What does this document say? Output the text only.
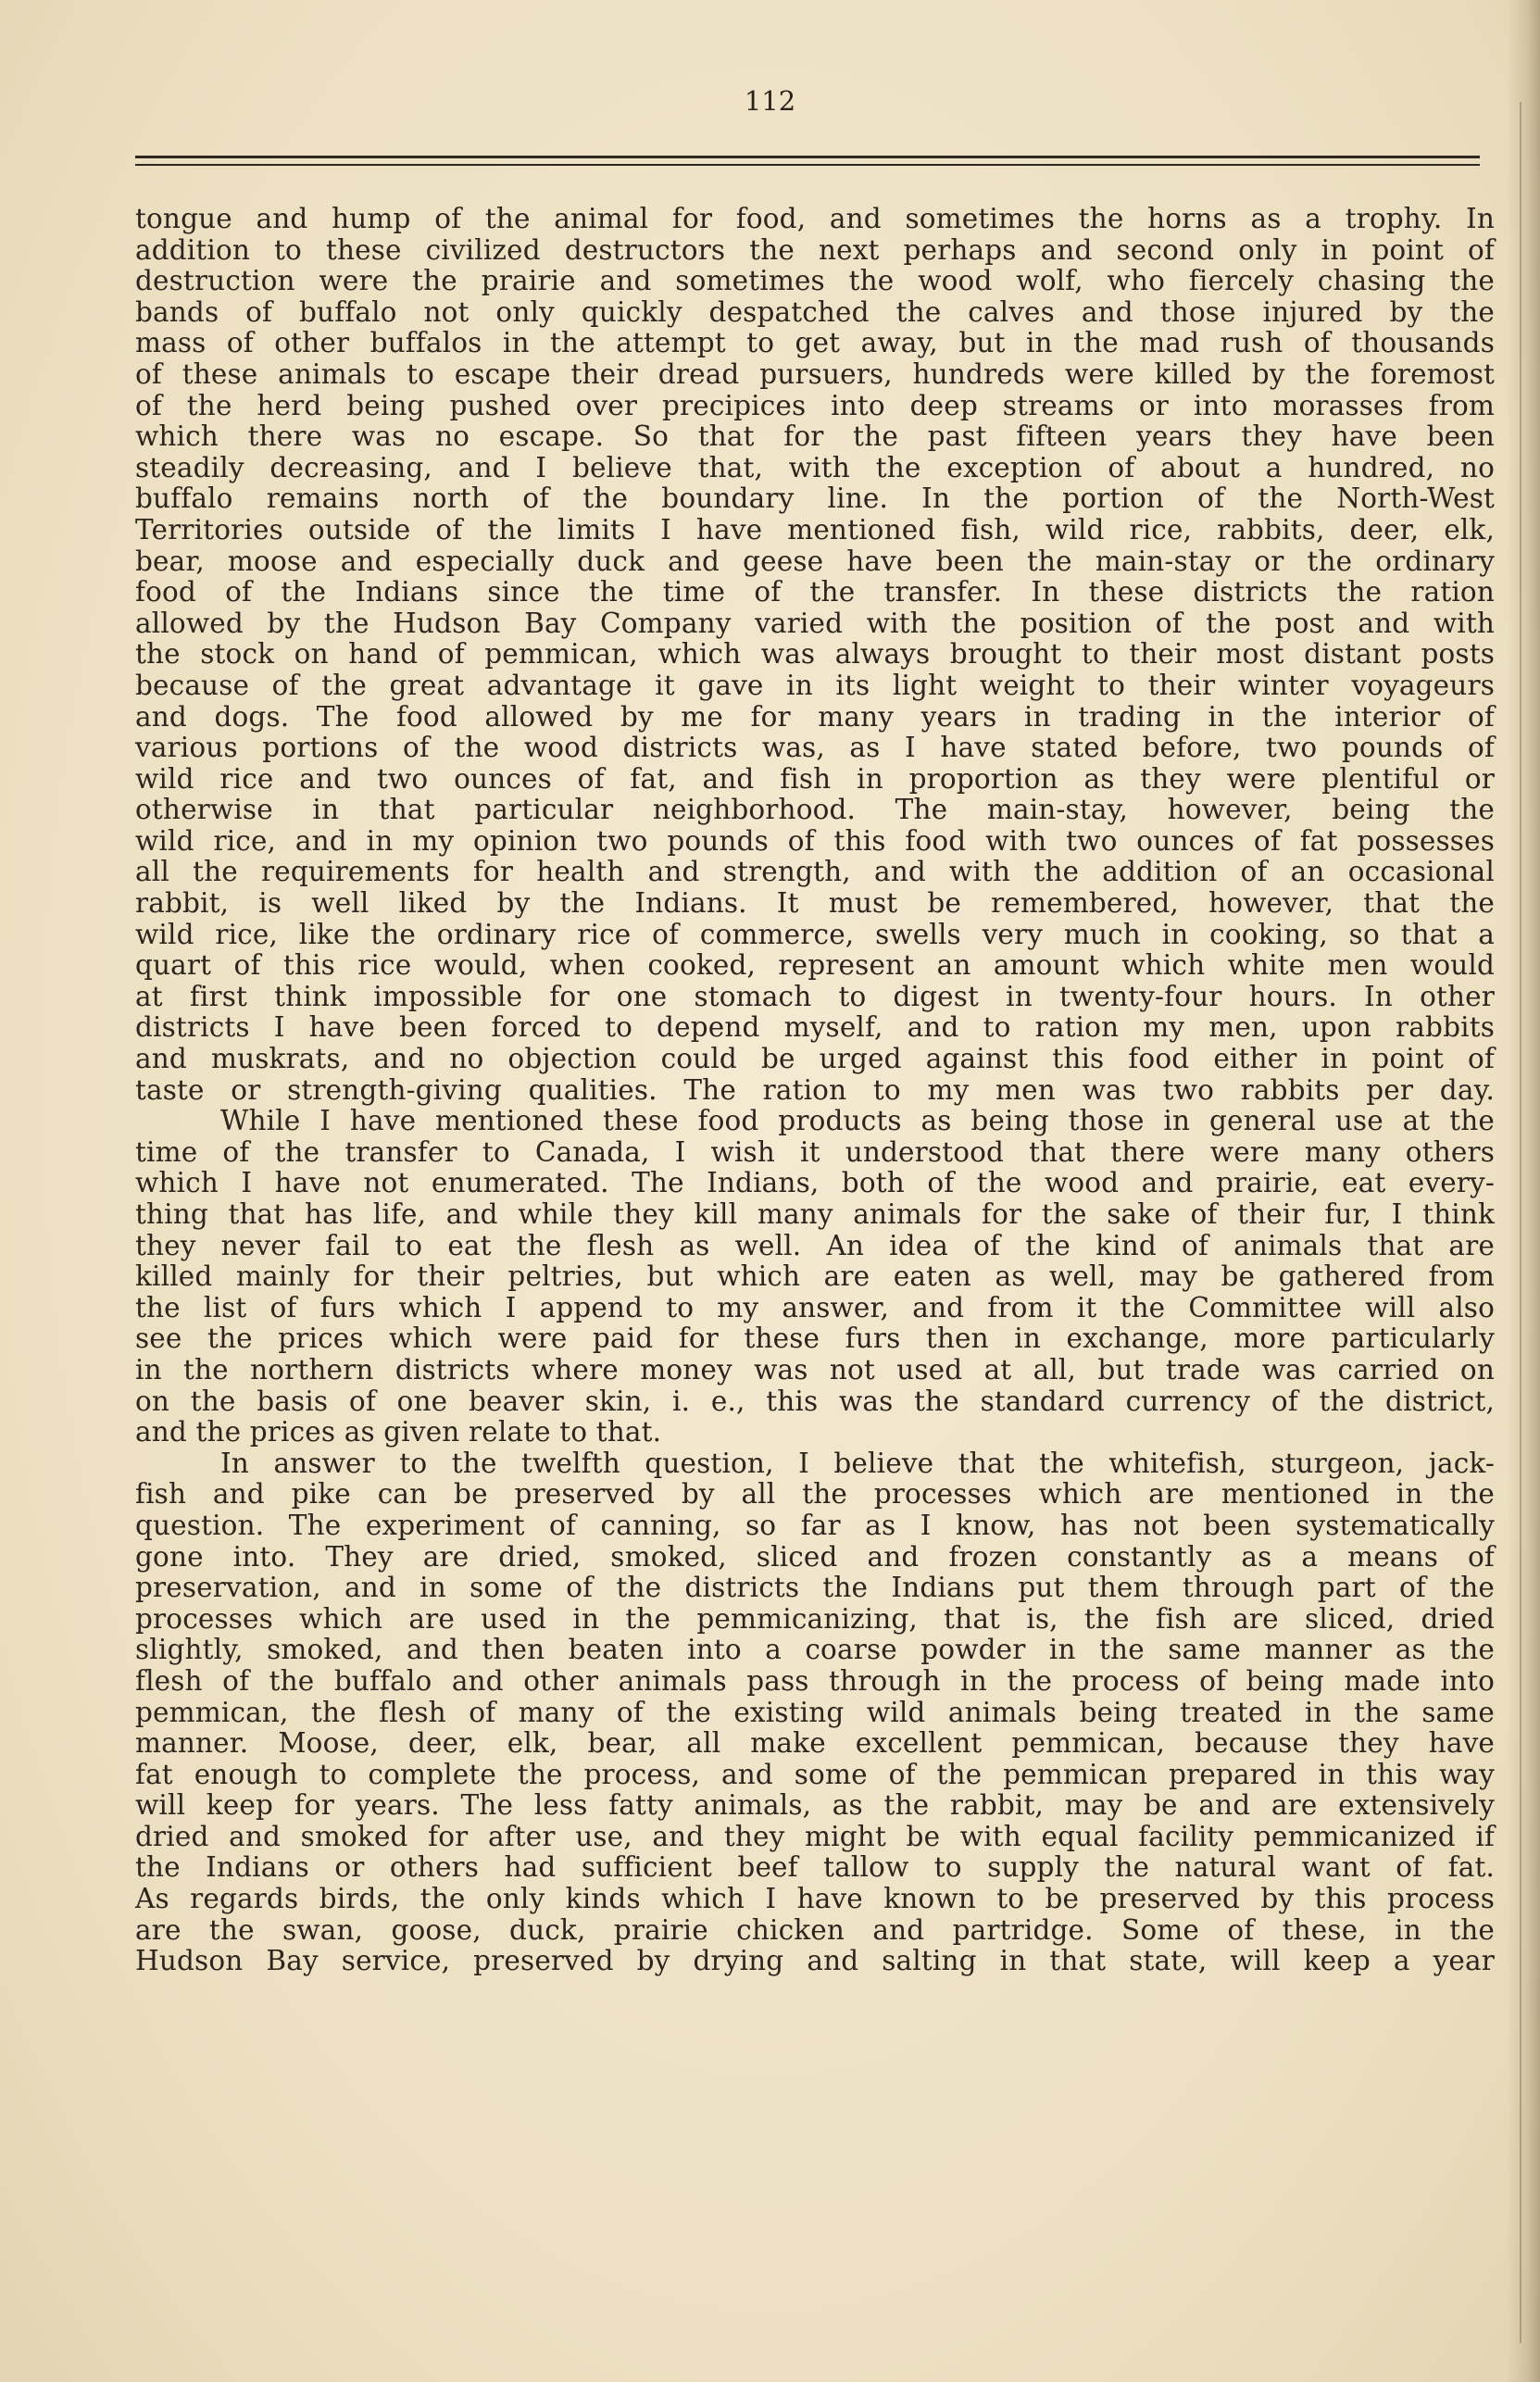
112
tongue and hump of the animal for food, and sometimes the horns as a trophy. In
addition to these civilized destructors the next perhaps and second only in point of
destruction were the prairie and sometimes the wood wolf, who fiercely chasing the
bands of buffalo not only quickly despatched the calves and those injured by the
mass of other buffalos in the attempt to get away, but in the mad rush of thousands
of these animals to escape their dread pursuers, hundreds were killed by the foremost
of the herd being pushed over precipices into deep streams or into morasses from
which there was no escape. So that for the past fifteen years they have been
steadily decreasing, and I believe that, with the exception of about a hundred, no
buffalo remains north of the boundary line. In the portion of the North-West
Territories outside of the limits I have mentioned fish, wild rice, rabbits, deer, elk,
bear, moose and especially duck and geese have been the main-stay or the ordinary
food of the Indians since the time of the transfer. In these districts the ration
allowed by the Hudson Bay Company varied with the position of the post and with
the stock on hand of pemmican, which was always brought to their most distant posts
because of the great advantage it gave in its light weight to their winter voyageurs
and dogs. The food allowed by me for many years in trading in the interior of
various portions of the wood districts was, as I have stated before, two pounds of
wild rice and two ounces of fat, and fish in proportion as they were plentiful or
otherwise in that particular neighborhood. The main-stay, however, being the
wild rice, and in my opinion two pounds of this food with two ounces of fat possesses
all the requirements for health and strength, and with the addition of an occasional
rabbit, is well liked by the Indians. It must be remembered, however, that the
wild rice, like the ordinary rice of commerce, swells very much in cooking, so that a
quart of this rice would, when cooked, represent an amount which white men would
at first think impossible for one stomach to digest in twenty-four hours. In other
districts I have been forced to depend myself, and to ration my men, upon rabbits
and muskrats, and no objection could be urged against this food either in point of
taste or strength-giving qualities. The ration to my men was two rabbits per day.
While I have mentioned these food products as being those in general use at the
time of the transfer to Canada, I wish it understood that there were many others
which I have not enumerated. The Indians, both of the wood and prairie, eat every-
thing that has life, and while they kill many animals for the sake of their fur, I think
they never fail to eat the flesh as well. An idea of the kind of animals that are
killed mainly for their peltries, but which are eaten as well, may be gathered from
the list of furs which I append to my answer, and from it the Committee will also
see the prices which were paid for these furs then in exchange, more particularly
in the northern districts where money was not used at all, but trade was carried on
on the basis of one beaver skin, i. e., this was the standard currency of the district,
and the prices as given relate to that.
In answer to the twelfth question, I believe that the whitefish, sturgeon, jack-
fish and pike can be preserved by all the processes which are mentioned in the
question. The experiment of canning, so far as I know, has not been systematically
gone into. They are dried, smoked, sliced and frozen constantly as a means of
preservation, and in some of the districts the Indians put them through part of the
processes which are used in the pemmicanizing, that is, the fish are sliced, dried
slightly, smoked, and then beaten into a coarse powder in the same manner as the
flesh of the buffalo and other animals pass through in the process of being made into
pemmican, the flesh of many of the existing wild animals being treated in the same
manner. Moose, deer, elk, bear, all make excellent pemmican, because they have
fat enough to complete the process, and some of the pemmican prepared in this way
will keep for years. The less fatty animals, as the rabbit, may be and are extensively
dried and smoked for after use, and they might be with equal facility pemmicanized if
the Indians or others had sufficient beef tallow to supply the natural want of fat.
As regards birds, the only kinds which I have known to be preserved by this process
are the swan, goose, duck, prairie chicken and partridge. Some of these, in the
Hudson Bay service, preserved by drying and salting in that state, will keep a year
